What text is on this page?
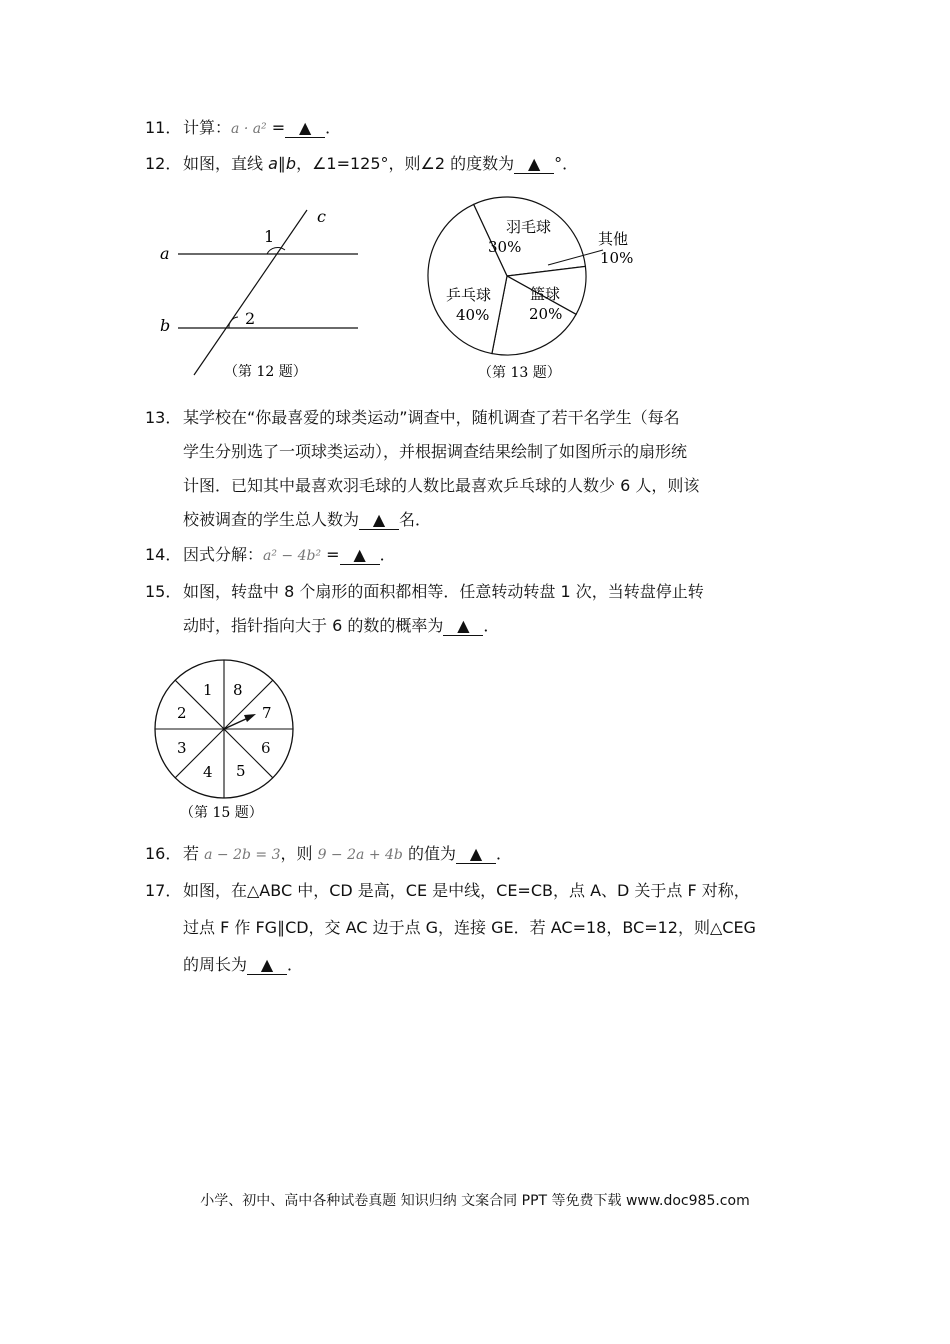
11． 计算：a · a² = ▲ ．
12． 如图，直线 a∥b，∠1=125°，则∠2 的度数为 ▲ °．
a
b
c
1
2
（第 12 题）
羽毛球
30%	其他
10%
篮球
20%
乒乓球
40%
（第 13 题）
13． 某学校在“你最喜爱的球类运动”调查中，随机调查了若干名学生（每名
学生分别选了一项球类运动），并根据调查结果绘制了如图所示的扇形统
计图．已知其中最喜欢羽毛球的人数比最喜欢乒乓球的人数少 6 人，则该
校被调查的学生总人数为 ▲ 名．
14． 因式分解：a² − 4b² = ▲ ．
15． 如图，转盘中 8 个扇形的面积都相等．任意转动转盘 1 次，当转盘停止转
动时，指针指向大于 6 的数的概率为 ▲ ．
1 8
7
6
5
4
3
2
（第 15 题）
16． 若 a − 2b = 3，则 9 − 2a + 4b 的值为 ▲ ．
17． 如图，在△ABC 中，CD 是高，CE 是中线，CE=CB，点 A、D 关于点 F 对称，
过点 F 作 FG∥CD，交 AC 边于点 G，连接 GE．若 AC=18，BC=12，则△CEG
的周长为 ▲ ．
小学、初中、高中各种试卷真题 知识归纳 文案合同 PPT 等免费下载 www.doc985.com
